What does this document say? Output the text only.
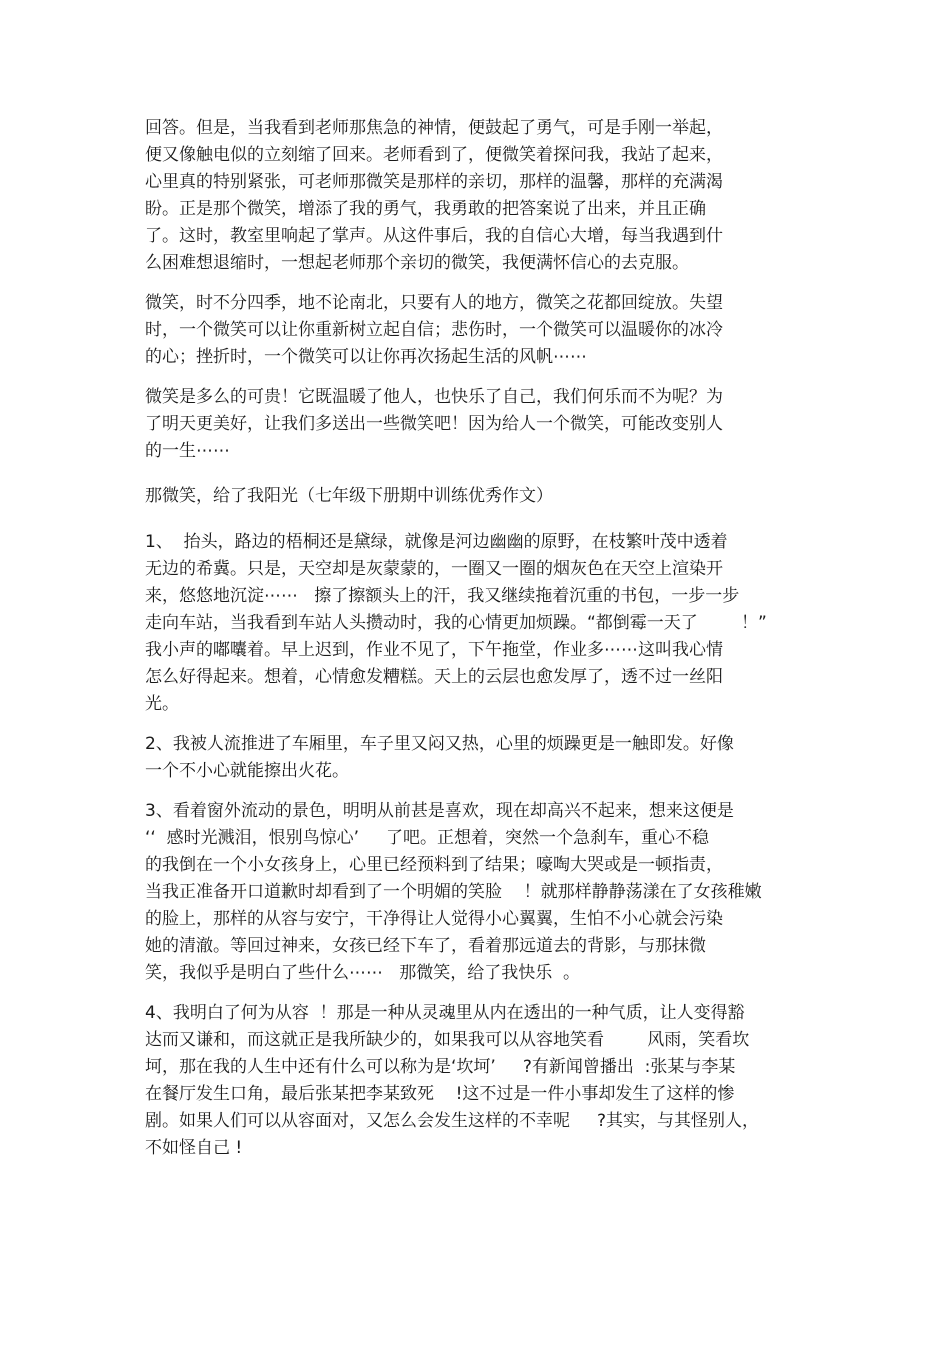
回答。但是，当我看到老师那焦急的神情，便鼓起了勇气，可是手刚一举起，
便又像触电似的立刻缩了回来。老师看到了，便微笑着探问我，我站了起来，
心里真的特别紧张，可老师那微笑是那样的亲切，那样的温馨，那样的充满渴
盼。正是那个微笑，增添了我的勇气，我勇敢的把答案说了出来，并且正确
了。这时，教室里响起了掌声。从这件事后，我的自信心大增，每当我遇到什
么困难想退缩时，一想起老师那个亲切的微笑，我便满怀信心的去克服。
微笑，时不分四季，地不论南北，只要有人的地方，微笑之花都回绽放。失望
时，一个微笑可以让你重新树立起自信；悲伤时，一个微笑可以温暖你的冰冷
的心；挫折时，一个微笑可以让你再次扬起生活的风帆⋯⋯
微笑是多么的可贵！它既温暖了他人，也快乐了自己，我们何乐而不为呢？为
了明天更美好，让我们多送出一些微笑吧！因为给人一个微笑，可能改变别人
的一生⋯⋯
那微笑，给了我阳光（七年级下册期中训练优秀作文）
1、  抬头，路边的梧桐还是黛绿，就像是河边幽幽的原野，在枝繁叶茂中透着
无边的希冀。只是，天空却是灰蒙蒙的，一圈又一圈的烟灰色在天空上渲染开
来，悠悠地沉淀⋯⋯   擦了擦额头上的汗，我又继续拖着沉重的书包，一步一步
走向车站，当我看到车站人头攒动时，我的心情更加烦躁。“都倒霉一天了        ！”
我小声的嘟囔着。早上迟到，作业不见了，下午拖堂，作业多⋯⋯这叫我心情
怎么好得起来。想着，心情愈发糟糕。天上的云层也愈发厚了，透不过一丝阳
光。
2、我被人流推进了车厢里，车子里又闷又热，心里的烦躁更是一触即发。好像
一个不小心就能擦出火花。
3、看着窗外流动的景色，明明从前甚是喜欢，现在却高兴不起来，想来这便是
‘‘  感时光溅泪，恨别鸟惊心’     了吧。正想着，突然一个急刹车，重心不稳
的我倒在一个小女孩身上，心里已经预料到了结果；嚎啕大哭或是一顿指责，
当我正准备开口道歉时却看到了一个明媚的笑脸    ！就那样静静荡漾在了女孩稚嫩
的脸上，那样的从容与安宁，干净得让人觉得小心翼翼，生怕不小心就会污染
她的清澈。等回过神来，女孩已经下车了，看着那远道去的背影，与那抹微
笑，我似乎是明白了些什么⋯⋯   那微笑，给了我快乐  。
4、我明白了何为从容  ！那是一种从灵魂里从内在透出的一种气质，让人变得豁
达而又谦和，而这就正是我所缺少的，如果我可以从容地笑看        风雨，笑看坎
坷，那在我的人生中还有什么可以称为是‘坎坷’     ?有新闻曾播出  :张某与李某
在餐厅发生口角，最后张某把李某致死    !这不过是一件小事却发生了这样的惨
剧。如果人们可以从容面对，又怎么会发生这样的不幸呢     ?其实，与其怪别人，
不如怪自己 !
